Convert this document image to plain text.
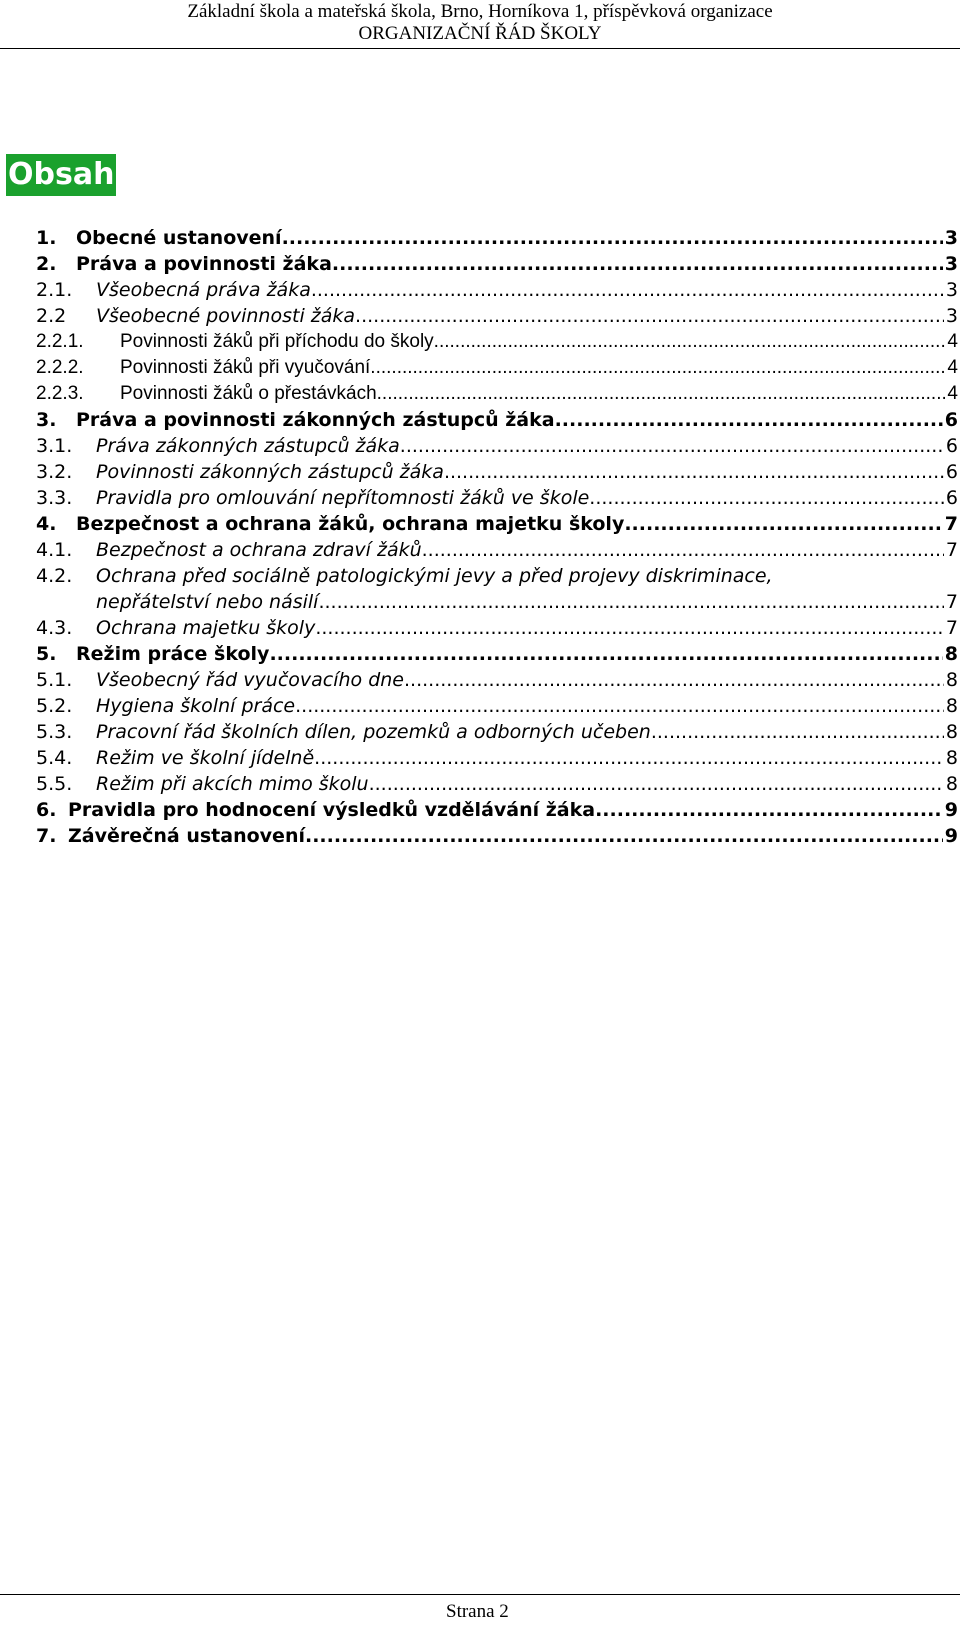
Základní škola a mateřská škola, Brno, Horníkova 1, příspěvková organizace
ORGANIZAČNÍ ŘÁD ŠKOLY
Obsah
1.	Obecné ustanovení .....	3
2.	Práva a povinnosti žáka .....	3
2.1.	Všeobecná práva žáka .....	3
2.2	Všeobecné povinnosti žáka .....	3
2.2.1.	Povinnosti žáků při příchodu do školy .....	4
2.2.2.	Povinnosti žáků při vyučování .....	4
2.2.3.	Povinnosti žáků o přestávkách .....	4
3.	Práva a povinnosti zákonných zástupců žáka .....	6
3.1.	Práva zákonných zástupců žáka .....	6
3.2.	Povinnosti zákonných zástupců žáka .....	6
3.3.	Pravidla pro omlouvání nepřítomnosti žáků ve škole .....	6
4.	Bezpečnost a ochrana žáků, ochrana majetku školy .....	7
4.1.	Bezpečnost a ochrana zdraví žáků .....	7
4.2.	Ochrana před sociálně patologickými jevy a před projevy diskriminace,
nepřátelství nebo násilí .....	7
4.3.	Ochrana majetku školy .....	7
5.	Režim práce školy .....	8
5.1.	Všeobecný řád vyučovacího dne .....	8
5.2.	Hygiena školní práce .....	8
5.3.	Pracovní řád školních dílen, pozemků a odborných učeben .....	8
5.4.	Režim ve školní jídelně .....	8
5.5.	Režim při akcích mimo školu .....	8
6. Pravidla pro hodnocení výsledků vzdělávání žáka .....	9
7. Závěrečná ustanovení .....	9
Strana 2
